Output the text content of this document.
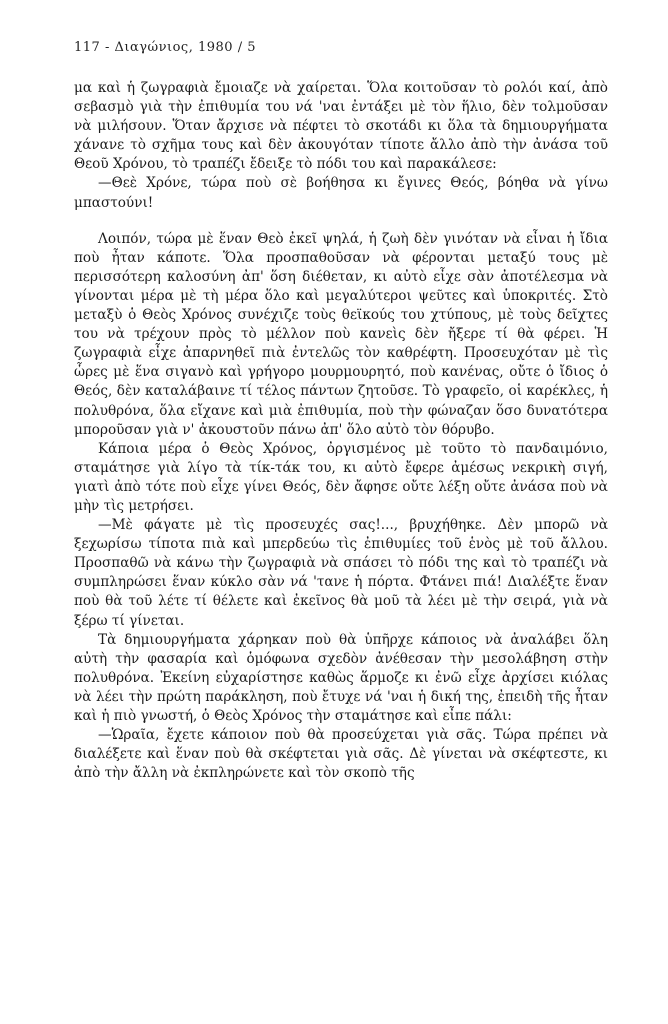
117 - Διαγώνιος, 1980 / 5

μα καὶ ἡ ζωγραφιὰ ἔμοιαζε νὰ χαίρεται. Ὅλα κοιτοῦσαν τὸ ρολόι καί, ἀπὸ σεβασμὸ γιὰ τὴν ἐπιθυμία του νά 'ναι ἐντάξει μὲ τὸν ἥλιο, δὲν τολμοῦσαν νὰ μιλήσουν. Ὅταν ἄρχισε νὰ πέφτει τὸ σκοτάδι κι ὅλα τὰ δημιουργήματα χάνανε τὸ σχῆμα τους καὶ δὲν ἀκουγόταν τίποτε ἄλλο ἀπὸ τὴν ἀνάσα τοῦ Θεοῦ Χρόνου, τὸ τραπέζι ἔδειξε τὸ πόδι του καὶ παρακάλεσε:

—Θεὲ Χρόνε, τώρα ποὺ σὲ βοήθησα κι ἔγινες Θεός, βόηθα νὰ γίνω μπαστούνι!

Λοιπόν, τώρα μὲ ἕναν Θεὸ ἐκεῖ ψηλά, ἡ ζωὴ δὲν γινόταν νὰ εἶναι ἡ ἴδια ποὺ ἦταν κάποτε. Ὅλα προσπαθοῦσαν νὰ φέρονται μεταξύ τους μὲ περισσότερη καλοσύνη ἀπ' ὅση διέθεταν, κι αὐτὸ εἶχε σὰν ἀποτέλεσμα νὰ γίνονται μέρα μὲ τὴ μέρα ὅλο καὶ μεγαλύτεροι ψεῦτες καὶ ὑποκριτές. Στὸ μεταξὺ ὁ Θεὸς Χρόνος συνέχιζε τοὺς θεϊκούς του χτύπους, μὲ τοὺς δεῖχτες του νὰ τρέχουν πρὸς τὸ μέλλον ποὺ κανεὶς δὲν ἤξερε τί θὰ φέρει. Ἡ ζωγραφιὰ εἶχε ἀπαρνηθεῖ πιὰ ἐντελῶς τὸν καθρέφτη. Προσευχόταν μὲ τὶς ὧρες μὲ ἕνα σιγανὸ καὶ γρήγορο μουρμουρητό, ποὺ κανένας, οὔτε ὁ ἴδιος ὁ Θεός, δὲν καταλάβαινε τί τέλος πάντων ζητοῦσε. Τὸ γραφεῖο, οἱ καρέκλες, ἡ πολυθρόνα, ὅλα εἴχανε καὶ μιὰ ἐπιθυμία, ποὺ τὴν φώναζαν ὅσο δυνατότερα μποροῦσαν γιὰ ν' ἀκουστοῦν πάνω ἀπ' ὅλο αὐτὸ τὸν θόρυβο.

Κάποια μέρα ὁ Θεὸς Χρόνος, ὀργισμένος μὲ τοῦτο τὸ πανδαιμόνιο, σταμάτησε γιὰ λίγο τὰ τίκ-τάκ του, κι αὐτὸ ἔφερε ἀμέσως νεκρικὴ σιγή, γιατὶ ἀπὸ τότε ποὺ εἶχε γίνει Θεός, δὲν ἄφησε οὔτε λέξη οὔτε ἀνάσα ποὺ νὰ μὴν τὶς μετρήσει.

—Μὲ φάγατε μὲ τὶς προσευχές σας!..., βρυχήθηκε. Δὲν μπορῶ νὰ ξεχωρίσω τίποτα πιὰ καὶ μπερδεύω τὶς ἐπιθυμίες τοῦ ἑνὸς μὲ τοῦ ἄλλου. Προσπαθῶ νὰ κάνω τὴν ζωγραφιὰ νὰ σπάσει τὸ πόδι της καὶ τὸ τραπέζι νὰ συμπληρώσει ἕναν κύκλο σὰν νά 'τανε ἡ πόρτα. Φτάνει πιά! Διαλέξτε ἕναν ποὺ θὰ τοῦ λέτε τί θέλετε καὶ ἐκεῖνος θὰ μοῦ τὰ λέει μὲ τὴν σειρά, γιὰ νὰ ξέρω τί γίνεται.

Τὰ δημιουργήματα χάρηκαν ποὺ θὰ ὑπῆρχε κάποιος νὰ ἀναλάβει ὅλη αὐτὴ τὴν φασαρία καὶ ὁμόφωνα σχεδὸν ἀνέθεσαν τὴν μεσολάβηση στὴν πολυθρόνα. Ἐκείνη εὐχαρίστησε καθὼς ἅρμοζε κι ἐνῶ εἶχε ἀρχίσει κιόλας νὰ λέει τὴν πρώτη παράκληση, ποὺ ἔτυχε νά 'ναι ἡ δική της, ἐπειδὴ τῆς ἦταν καὶ ἡ πιὸ γνωστή, ὁ Θεὸς Χρόνος τὴν σταμάτησε καὶ εἶπε πάλι:

—Ὡραῖα, ἔχετε κάποιον ποὺ θὰ προσεύχεται γιὰ σᾶς. Τώρα πρέπει νὰ διαλέξετε καὶ ἕναν ποὺ θὰ σκέφτεται γιὰ σᾶς. Δὲ γίνεται νὰ σκέφτεστε, κι ἀπὸ τὴν ἄλλη νὰ ἐκπληρώνετε καὶ τὸν σκοπὸ τῆς
